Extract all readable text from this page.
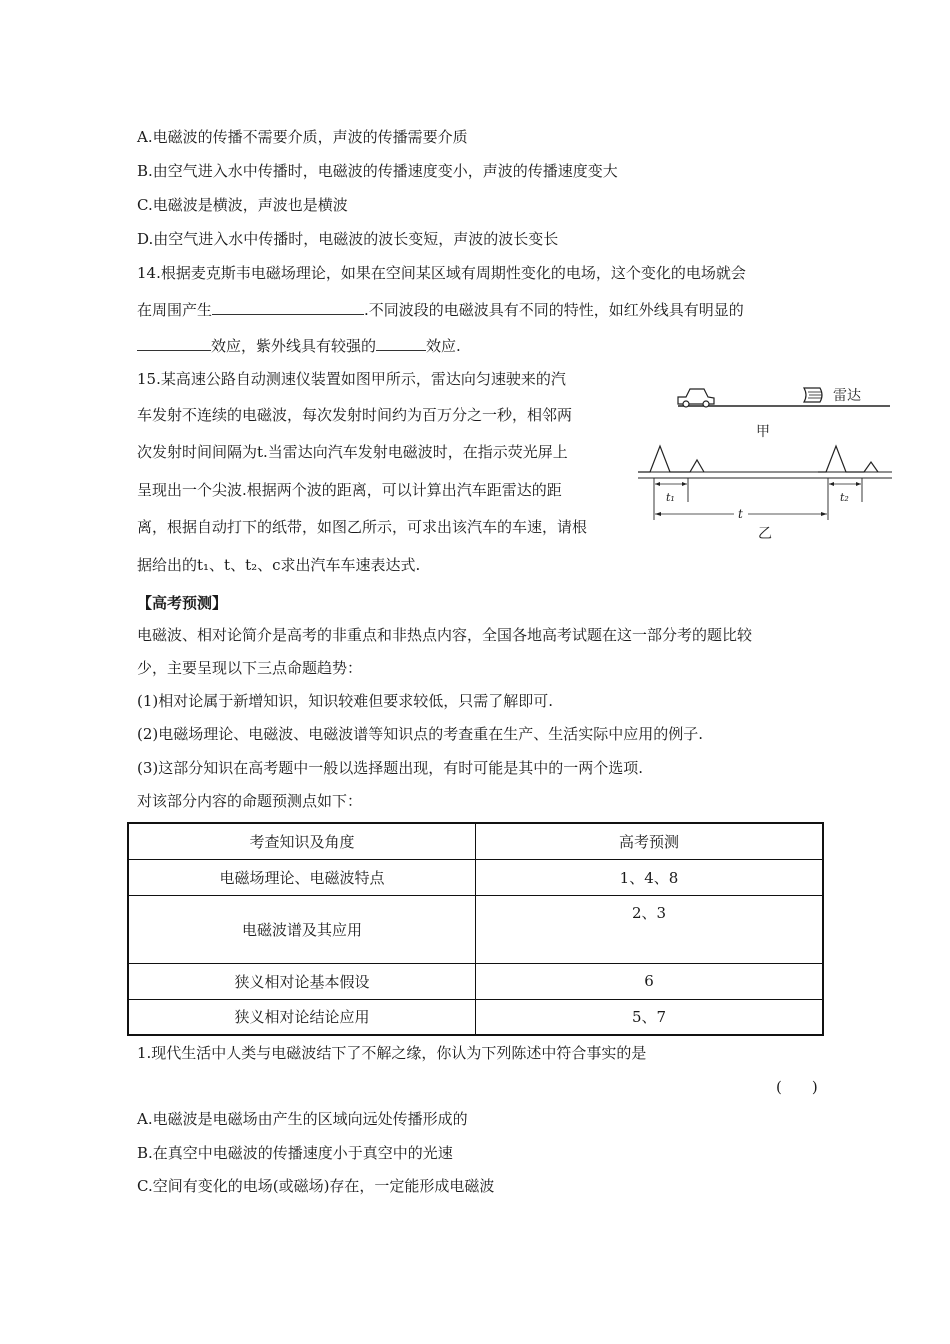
A.电磁波的传播不需要介质，声波的传播需要介质
B.由空气进入水中传播时，电磁波的传播速度变小，声波的传播速度变大
C.电磁波是横波，声波也是横波
D.由空气进入水中传播时，电磁波的波长变短，声波的波长变长
14.根据麦克斯韦电磁场理论，如果在空间某区域有周期性变化的电场，这个变化的电场就会
在周围产生	.不同波段的电磁波具有不同的特性，如红外线具有明显的
效应，紫外线具有较强的	效应.
15.某高速公路自动测速仪装置如图甲所示，雷达向匀速驶来的汽
车发射不连续的电磁波，每次发射时间约为百万分之一秒，相邻两
次发射时间间隔为t.当雷达向汽车发射电磁波时，在指示荧光屏上
呈现出一个尖波.根据两个波的距离，可以计算出汽车距雷达的距
离，根据自动打下的纸带，如图乙所示，可求出该汽车的车速，请根
据给出的t₁、t、t₂、c求出汽车车速表达式.
雷达
甲
t₁	t₂
t
乙
【高考预测】
电磁波、相对论简介是高考的非重点和非热点内容，全国各地高考试题在这一部分考的题比较
少，主要呈现以下三点命题趋势：
(1)相对论属于新增知识，知识较难但要求较低，只需了解即可.
(2)电磁场理论、电磁波、电磁波谱等知识点的考查重在生产、生活实际中应用的例子.
(3)这部分知识在高考题中一般以选择题出现，有时可能是其中的一两个选项.
对该部分内容的命题预测点如下：
考查知识及角度	高考预测
电磁场理论、电磁波特点	1、4、8
电磁波谱及其应用	2、3
狭义相对论基本假设	6
狭义相对论结论应用	5、7
1.现代生活中人类与电磁波结下了不解之缘，你认为下列陈述中符合事实的是
(　　)
A.电磁波是电磁场由产生的区域向远处传播形成的
B.在真空中电磁波的传播速度小于真空中的光速
C.空间有变化的电场(或磁场)存在，一定能形成电磁波
